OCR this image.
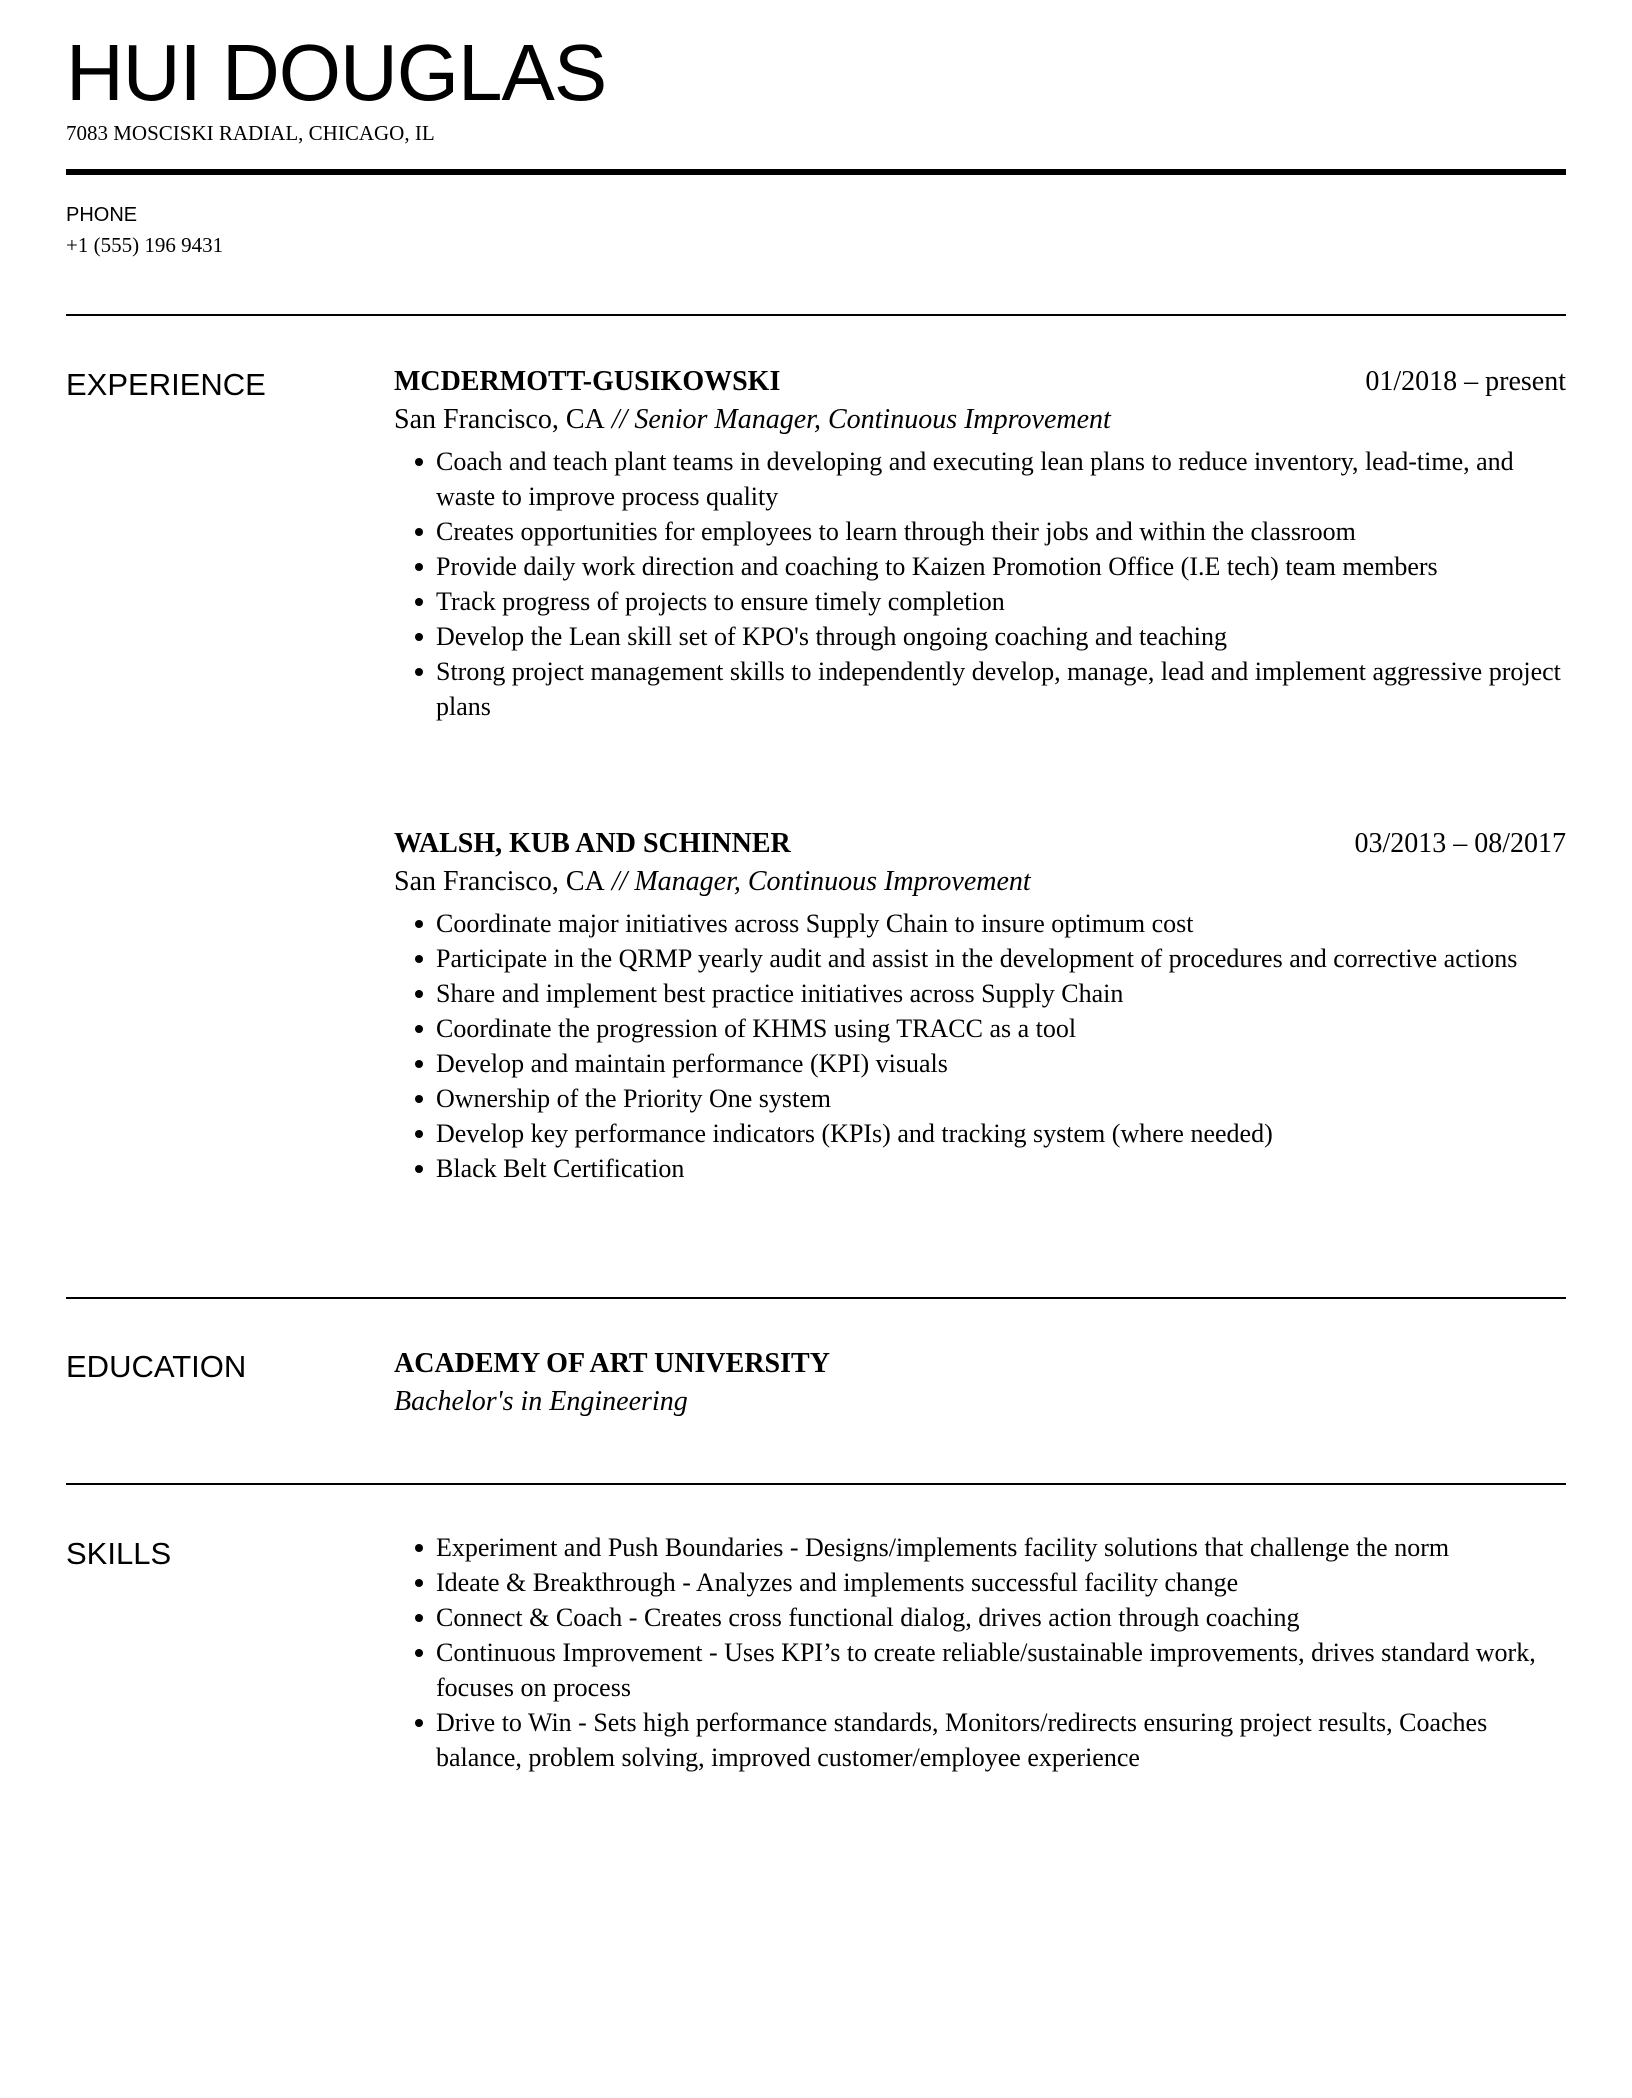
HUI DOUGLAS
7083 MOSCISKI RADIAL, CHICAGO, IL
PHONE
+1 (555) 196 9431
EXPERIENCE	MCDERMOTT-GUSIKOWSKI	01/2018 – present
San Francisco, CA // Senior Manager, Continuous Improvement
Coach and teach plant teams in developing and executing lean plans to reduce inventory, lead-time, and waste to improve process quality
Creates opportunities for employees to learn through their jobs and within the classroom
Provide daily work direction and coaching to Kaizen Promotion Office (I.E tech) team members
Track progress of projects to ensure timely completion
Develop the Lean skill set of KPO's through ongoing coaching and teaching
Strong project management skills to independently develop, manage, lead and implement aggressive project plans
WALSH, KUB AND SCHINNER	03/2013 – 08/2017
San Francisco, CA // Manager, Continuous Improvement
Coordinate major initiatives across Supply Chain to insure optimum cost
Participate in the QRMP yearly audit and assist in the development of procedures and corrective actions
Share and implement best practice initiatives across Supply Chain
Coordinate the progression of KHMS using TRACC as a tool
Develop and maintain performance (KPI) visuals
Ownership of the Priority One system
Develop key performance indicators (KPIs) and tracking system (where needed)
Black Belt Certification
EDUCATION	ACADEMY OF ART UNIVERSITY
Bachelor's in Engineering
SKILLS	Experiment and Push Boundaries - Designs/implements facility solutions that challenge the norm
Ideate & Breakthrough - Analyzes and implements successful facility change
Connect & Coach - Creates cross functional dialog, drives action through coaching
Continuous Improvement - Uses KPI’s to create reliable/sustainable improvements, drives standard work, focuses on process
Drive to Win - Sets high performance standards, Monitors/redirects ensuring project results, Coaches balance, problem solving, improved customer/employee experience
